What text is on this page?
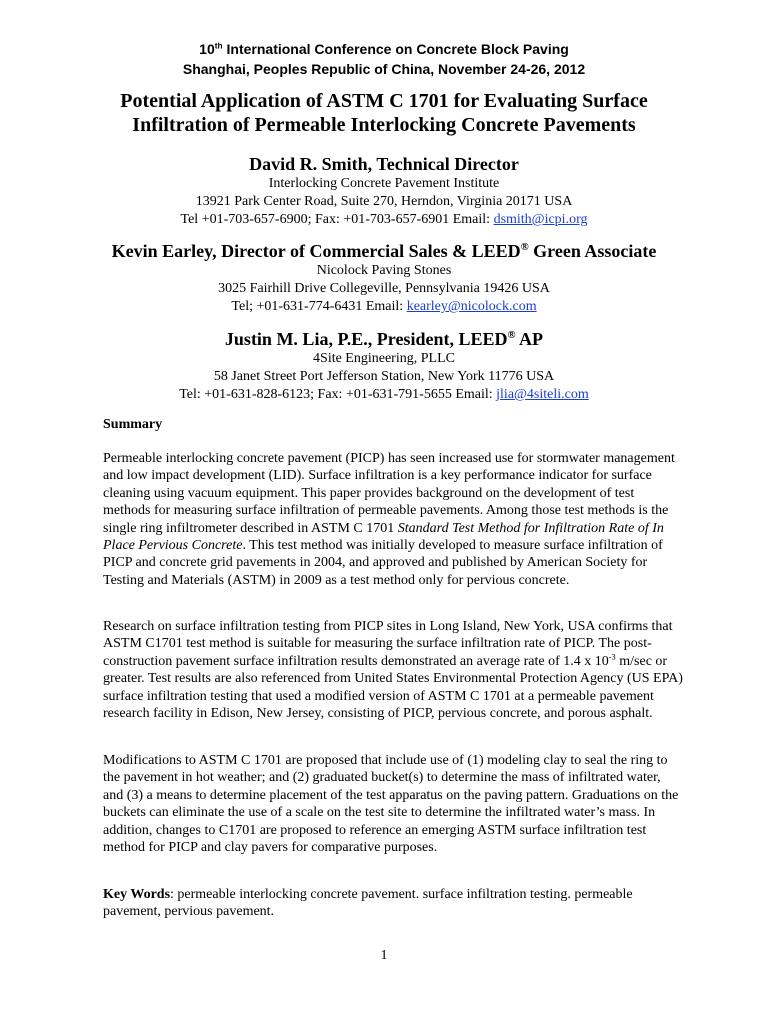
10th International Conference on Concrete Block Paving
Shanghai, Peoples Republic of China, November 24-26, 2012
Potential Application of ASTM C 1701 for Evaluating Surface
Infiltration of Permeable Interlocking Concrete Pavements
David R. Smith, Technical Director
Interlocking Concrete Pavement Institute
13921 Park Center Road, Suite 270, Herndon, Virginia 20171 USA
Tel +01-703-657-6900; Fax: +01-703-657-6901 Email: dsmith@icpi.org
Kevin Earley, Director of Commercial Sales & LEED® Green Associate
Nicolock Paving Stones
3025 Fairhill Drive Collegeville, Pennsylvania 19426 USA
Tel; +01-631-774-6431 Email: kearley@nicolock.com
Justin M. Lia, P.E., President, LEED® AP
4Site Engineering, PLLC
58 Janet Street Port Jefferson Station, New York 11776 USA
Tel: +01-631-828-6123; Fax: +01-631-791-5655 Email: jlia@4siteli.com

Summary

Permeable interlocking concrete pavement (PICP) has seen increased use for stormwater management and low impact development (LID). Surface infiltration is a key performance indicator for surface cleaning using vacuum equipment. This paper provides background on the development of test methods for measuring surface infiltration of permeable pavements. Among those test methods is the single ring infiltrometer described in ASTM C 1701 Standard Test Method for Infiltration Rate of In Place Pervious Concrete. This test method was initially developed to measure surface infiltration of PICP and concrete grid pavements in 2004, and approved and published by American Society for Testing and Materials (ASTM) in 2009 as a test method only for pervious concrete.

Research on surface infiltration testing from PICP sites in Long Island, New York, USA confirms that ASTM C1701 test method is suitable for measuring the surface infiltration rate of PICP. The post-construction pavement surface infiltration results demonstrated an average rate of 1.4 x $10^{-3}$ m/sec or greater. Test results are also referenced from United States Environmental Protection Agency (US EPA) surface infiltration testing that used a modified version of ASTM C 1701 at a permeable pavement research facility in Edison, New Jersey, consisting of PICP, pervious concrete, and porous asphalt.

Modifications to ASTM C 1701 are proposed that include use of (1) modeling clay to seal the ring to the pavement in hot weather; and (2) graduated bucket(s) to determine the mass of infiltrated water, and (3) a means to determine placement of the test apparatus on the paving pattern. Graduations on the buckets can eliminate the use of a scale on the test site to determine the infiltrated water’s mass. In addition, changes to C1701 are proposed to reference an emerging ASTM surface infiltration test method for PICP and clay pavers for comparative purposes.

Key Words: permeable interlocking concrete pavement. surface infiltration testing. permeable pavement, pervious pavement.

1
